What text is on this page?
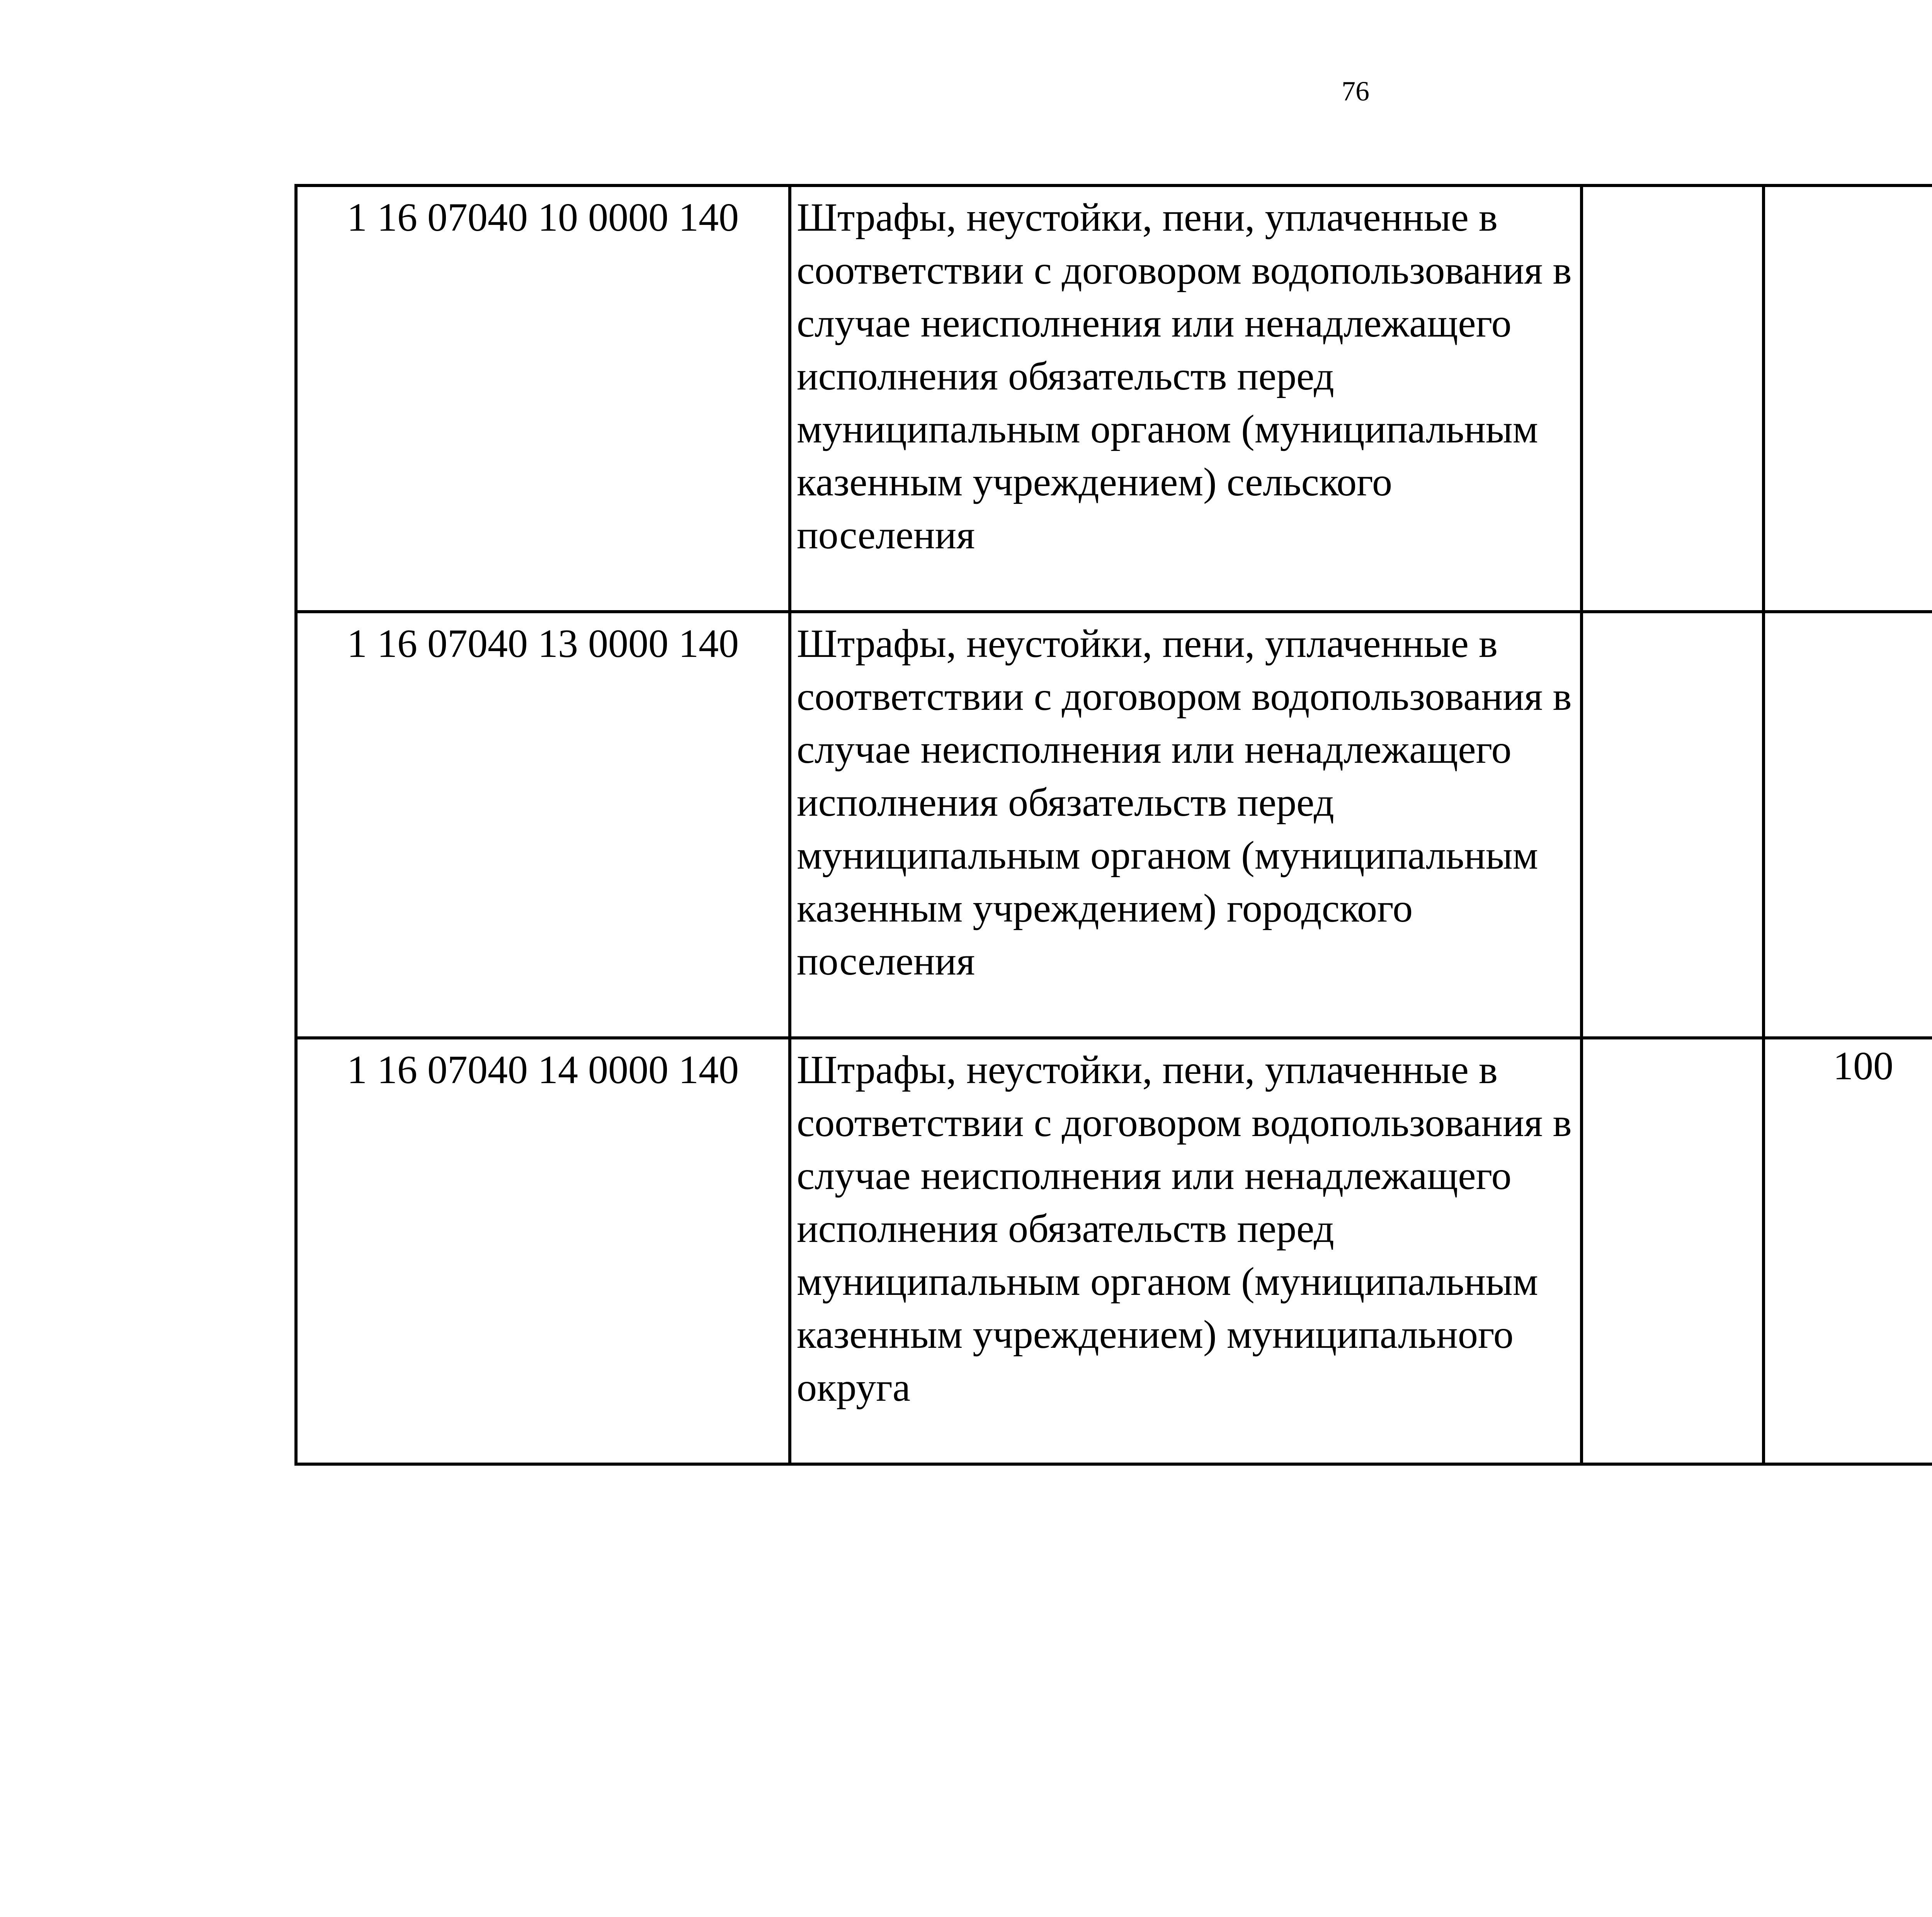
76
1 16 07040 10 0000 140	Штрафы, неустойки, пени, уплаченные в соответствии с договором водопользования в случае неисполнения или ненадлежащего исполнения обязательств перед муниципальным органом (муниципальным казенным учреждением) сельского поселения					
1 16 07040 13 0000 140	Штрафы, неустойки, пени, уплаченные в соответствии с договором водопользования в случае неисполнения или ненадлежащего исполнения обязательств перед муниципальным органом (муниципальным казенным учреждением) городского поселения					
1 16 07040 14 0000 140	Штрафы, неустойки, пени, уплаченные в соответствии с договором водопользования в случае неисполнения или ненадлежащего исполнения обязательств перед муниципальным органом (муниципальным казенным учреждением) муниципального округа		100			
